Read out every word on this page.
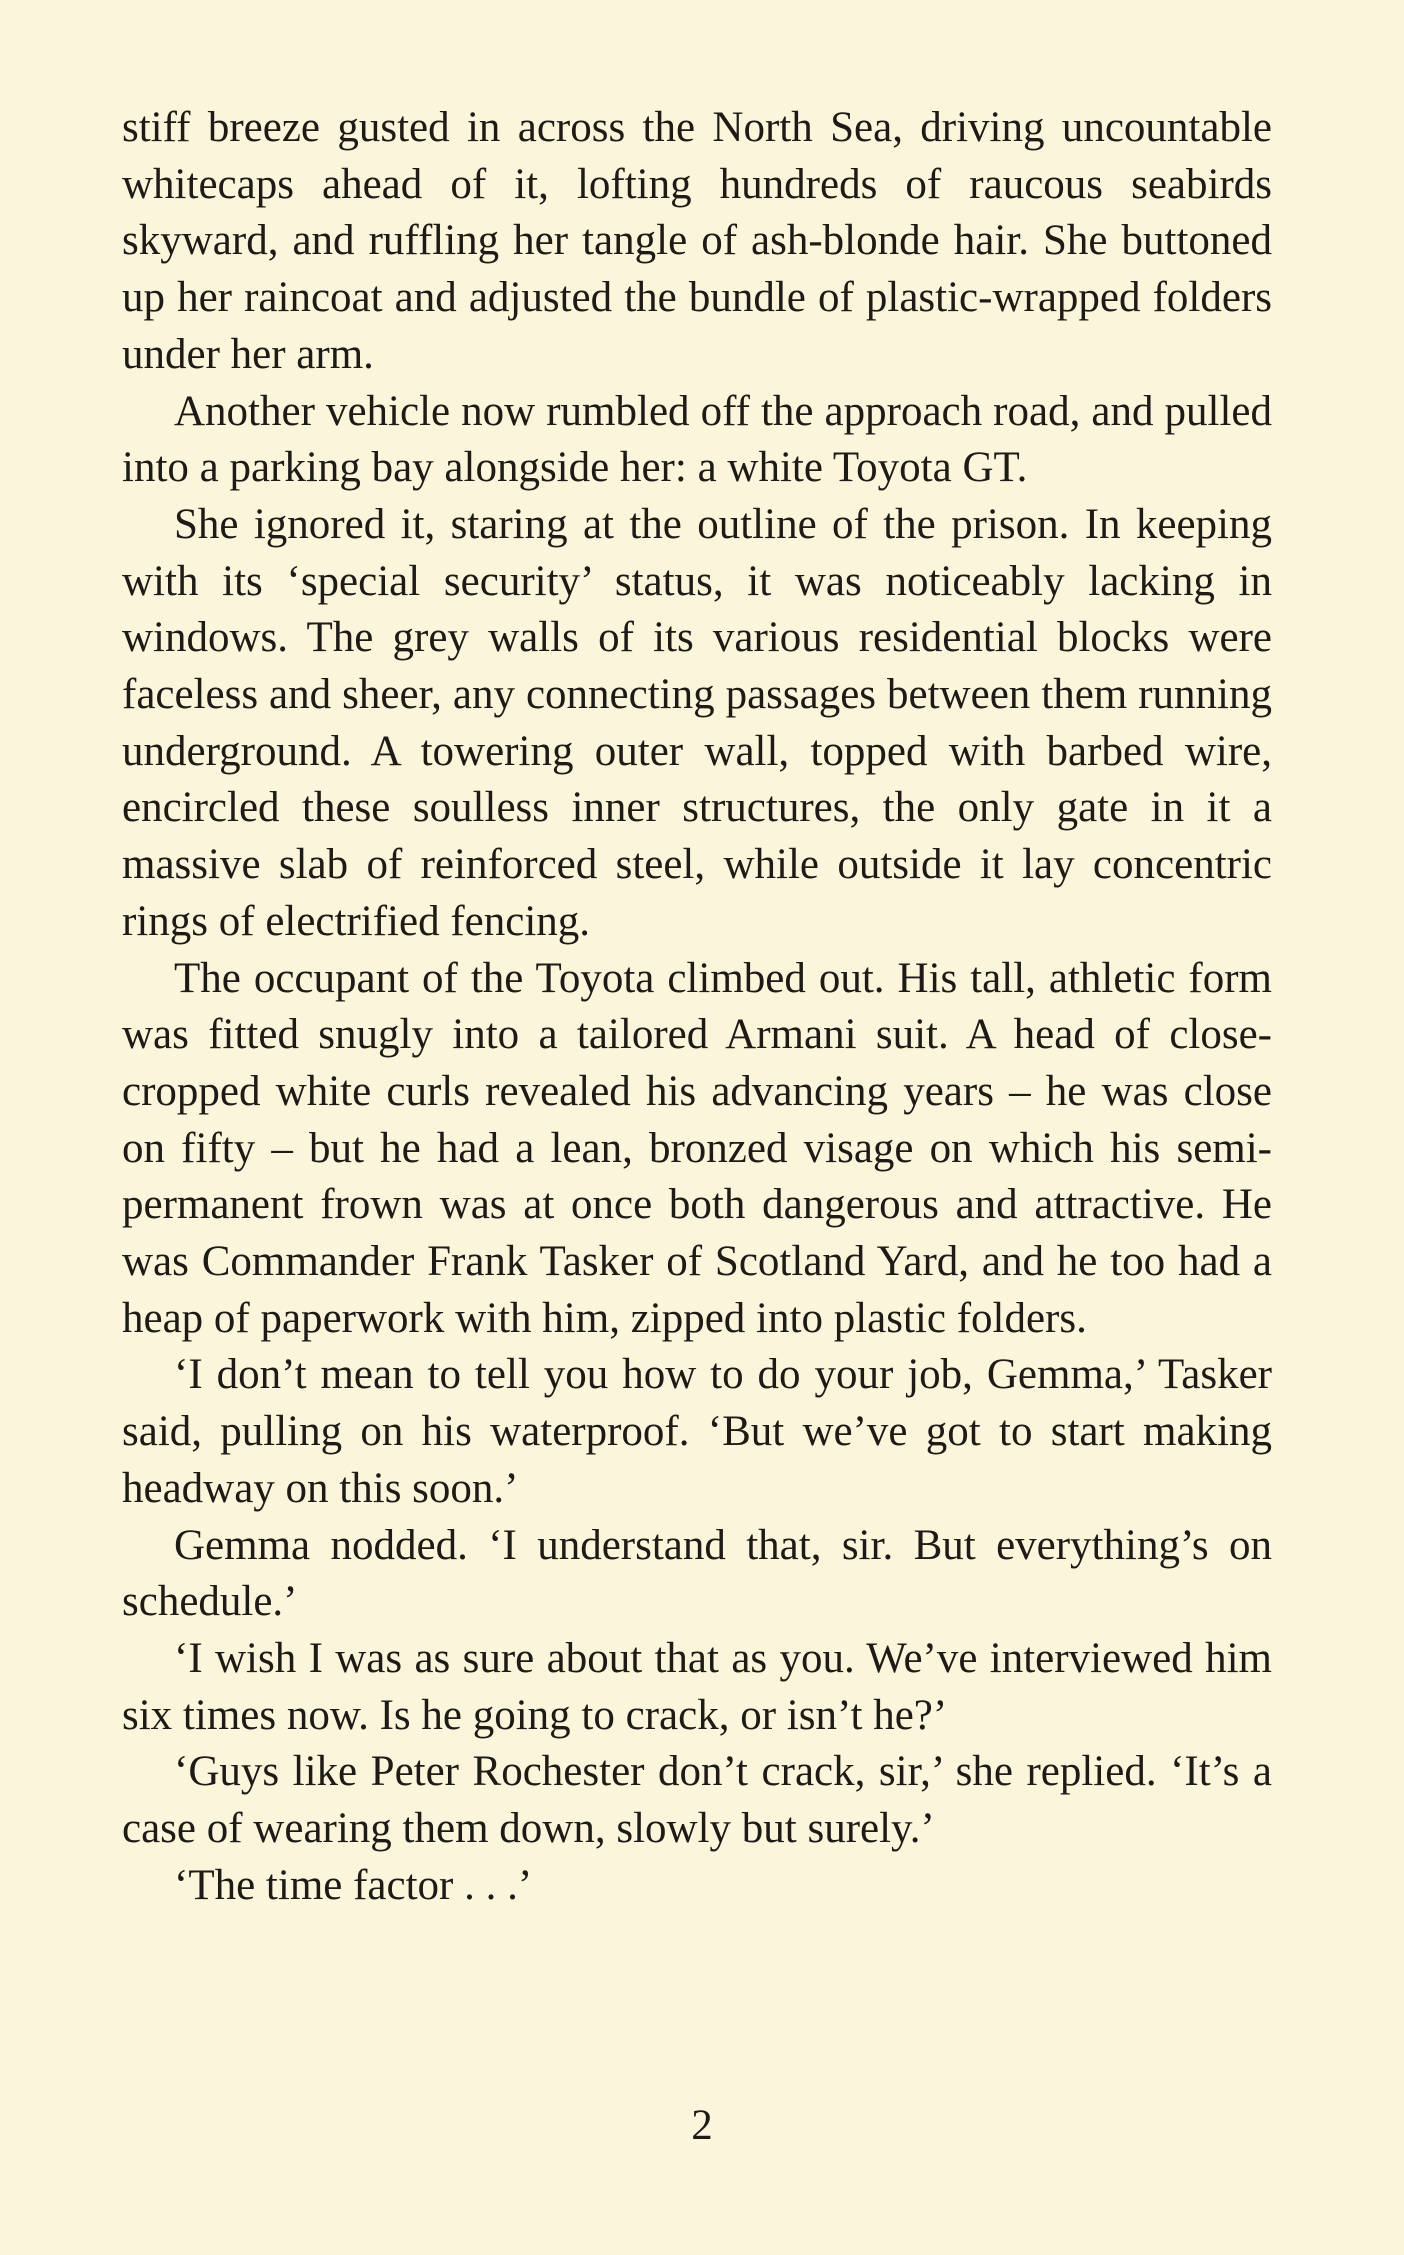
stiff breeze gusted in across the North Sea, driving uncountable whitecaps ahead of it, lofting hundreds of raucous seabirds skyward, and ruffling her tangle of ash-blonde hair. She buttoned up her raincoat and adjusted the bundle of plastic-wrapped folders under her arm.

Another vehicle now rumbled off the approach road, and pulled into a parking bay alongside her: a white Toyota GT.

She ignored it, staring at the outline of the prison. In keeping with its ‘special security’ status, it was noticeably lacking in windows. The grey walls of its various residential blocks were faceless and sheer, any connecting passages between them running underground. A towering outer wall, topped with barbed wire, encircled these soulless inner structures, the only gate in it a massive slab of reinforced steel, while outside it lay concentric rings of electrified fencing.

The occupant of the Toyota climbed out. His tall, athletic form was fitted snugly into a tailored Armani suit. A head of close-cropped white curls revealed his advancing years – he was close on fifty – but he had a lean, bronzed visage on which his semi-permanent frown was at once both dangerous and attractive. He was Commander Frank Tasker of Scotland Yard, and he too had a heap of paperwork with him, zipped into plastic folders.

‘I don’t mean to tell you how to do your job, Gemma,’ Tasker said, pulling on his waterproof. ‘But we’ve got to start making headway on this soon.’

Gemma nodded. ‘I understand that, sir. But everything’s on schedule.’

‘I wish I was as sure about that as you. We’ve interviewed him six times now. Is he going to crack, or isn’t he?’

‘Guys like Peter Rochester don’t crack, sir,’ she replied. ‘It’s a case of wearing them down, slowly but surely.’

‘The time factor . . .’

2
